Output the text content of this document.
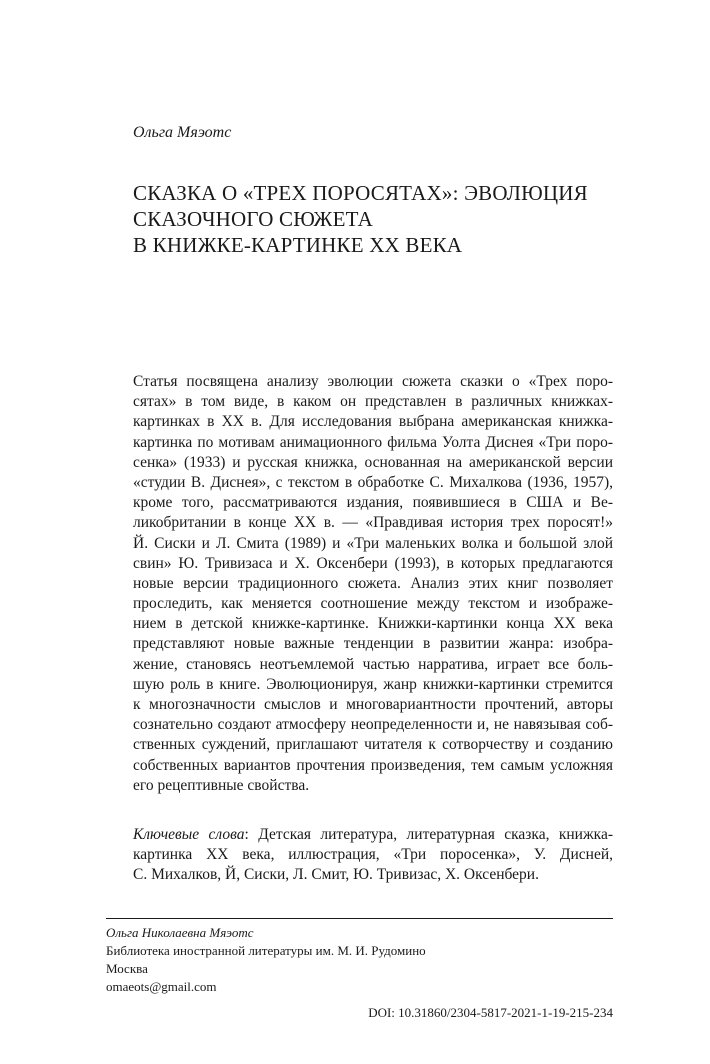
Ольга Мяэотс

СКАЗКА О «ТРЕХ ПОРОСЯТАХ»: ЭВОЛЮЦИЯ
СКАЗОЧНОГО СЮЖЕТА
В КНИЖКЕ-КАРТИНКЕ XX ВЕКА

Статья посвящена анализу эволюции сюжета сказки о «Трех поро-
сятах» в том виде, в каком он представлен в различных книжках-
картинках в XX в. Для исследования выбрана американская книжка-
картинка по мотивам анимационного фильма Уолта Диснея «Три поро-
сенка» (1933) и русская книжка, основанная на американской версии
«студии В. Диснея», с текстом в обработке С. Михалкова (1936, 1957),
кроме того, рассматриваются издания, появившиеся в США и Ве-
ликобритании в конце XX в. — «Правдивая история трех поросят!»
Й. Сиски и Л. Смита (1989) и «Три маленьких волка и большой злой
свин» Ю. Тривизаса и Х. Оксенбери (1993), в которых предлагаются
новые версии традиционного сюжета. Анализ этих книг позволяет
проследить, как меняется соотношение между текстом и изображе-
нием в детской книжке-картинке. Книжки-картинки конца XX века
представляют новые важные тенденции в развитии жанра: изобра-
жение, становясь неотъемлемой частью нарратива, играет все боль-
шую роль в книге. Эволюционируя, жанр книжки-картинки стремится
к многозначности смыслов и многовариантности прочтений, авторы
сознательно создают атмосферу неопределенности и, не навязывая соб-
ственных суждений, приглашают читателя к сотворчеству и созданию
собственных вариантов прочтения произведения, тем самым усложняя
его рецептивные свойства.

Ключевые слова: Детская литература, литературная сказка, книжка-
картинка XX века, иллюстрация, «Три поросенка», У. Дисней,
С. Михалков, Й, Сиски, Л. Смит, Ю. Тривизас, Х. Оксенбери.

Ольга Николаевна Мяэотс
Библиотека иностранной литературы им. М. И. Рудомино
Москва
omaeots@gmail.com

DOI: 10.31860/2304-5817-2021-1-19-215-234
